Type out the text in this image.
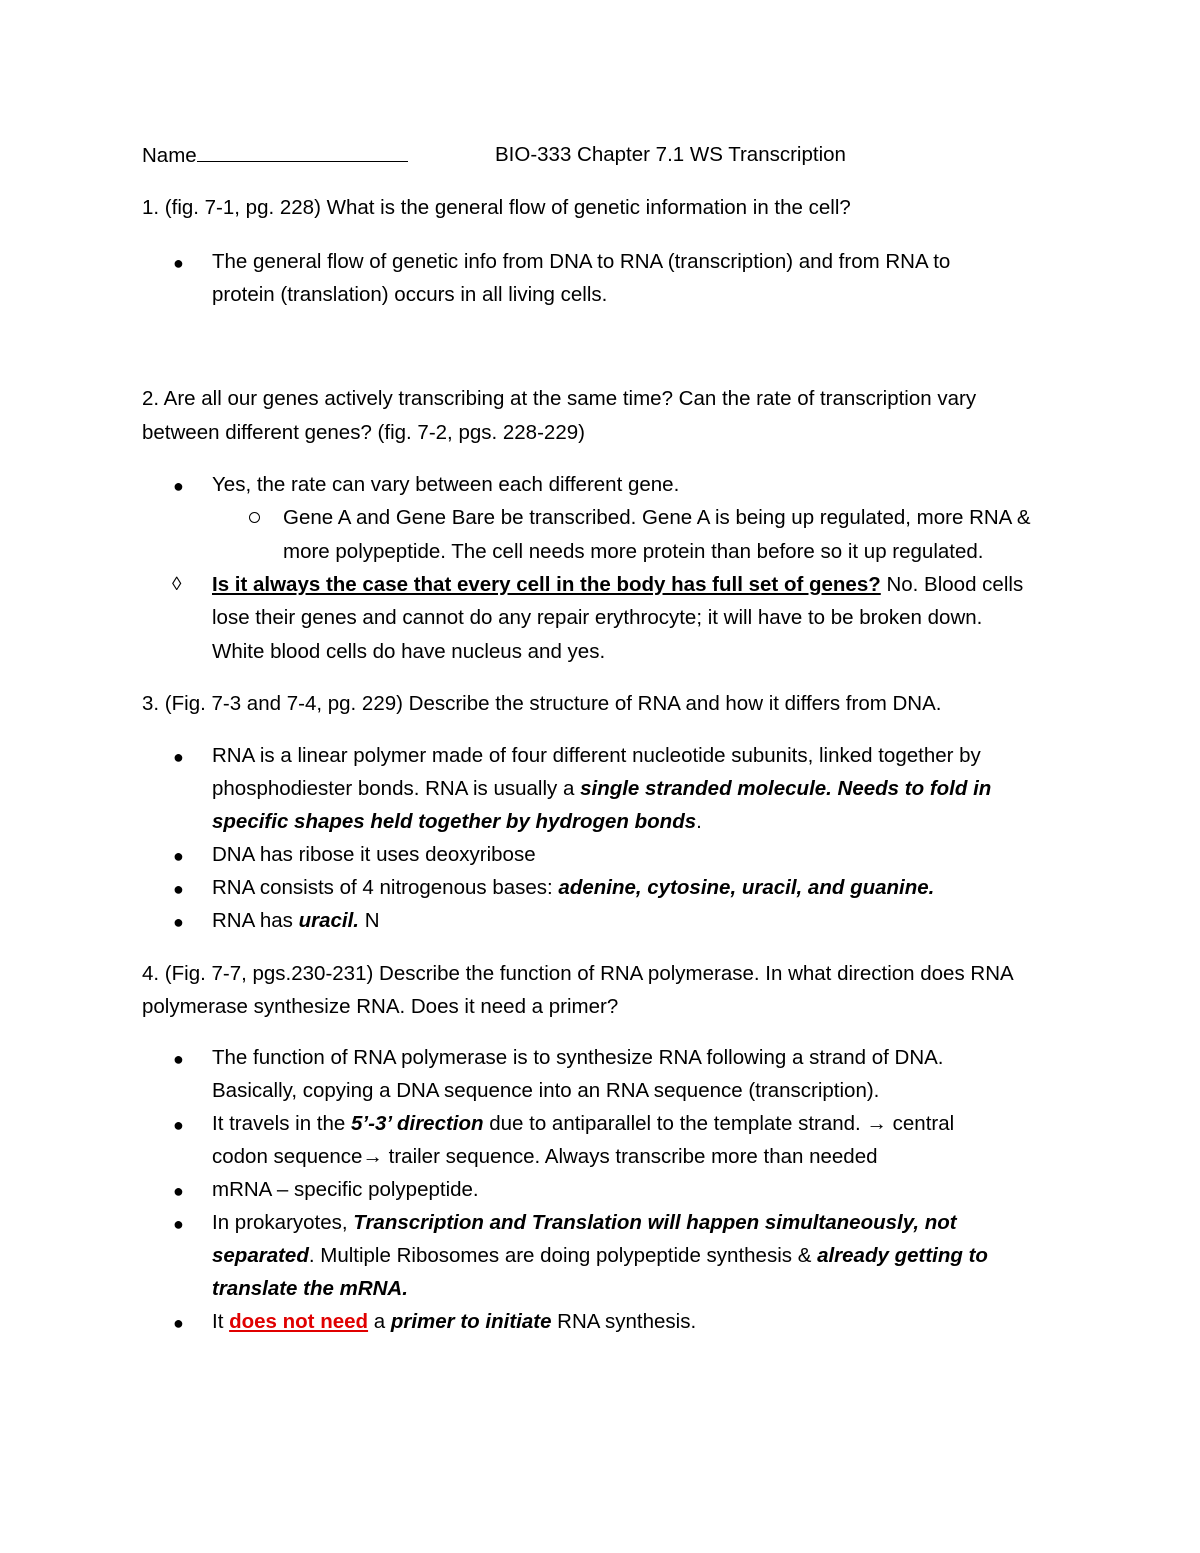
Name	BIO-333 Chapter 7.1 WS Transcription
1. (fig. 7-1, pg. 228) What is the general flow of genetic information in the cell?
● The general flow of genetic info from DNA to RNA (transcription) and from RNA to
protein (translation) occurs in all living cells.
2. Are all our genes actively transcribing at the same time? Can the rate of transcription vary
between different genes? (fig. 7-2, pgs. 228-229)
● Yes, the rate can vary between each different gene.
Gene A and Gene Bare be transcribed. Gene A is being up regulated, more RNA &
more polypeptide. The cell needs more protein than before so it up regulated.
◊ Is it always the case that every cell in the body has full set of genes? No. Blood cells
lose their genes and cannot do any repair erythrocyte; it will have to be broken down.
White blood cells do have nucleus and yes.
3. (Fig. 7-3 and 7-4, pg. 229) Describe the structure of RNA and how it differs from DNA.
● RNA is a linear polymer made of four different nucleotide subunits, linked together by
phosphodiester bonds. RNA is usually a single stranded molecule. Needs to fold in
specific shapes held together by hydrogen bonds.
● DNA has ribose it uses deoxyribose
● RNA consists of 4 nitrogenous bases: adenine, cytosine, uracil, and guanine.
● RNA has uracil. N
4. (Fig. 7-7, pgs.230-231) Describe the function of RNA polymerase. In what direction does RNA
polymerase synthesize RNA. Does it need a primer?
● The function of RNA polymerase is to synthesize RNA following a strand of DNA.
Basically, copying a DNA sequence into an RNA sequence (transcription).
● It travels in the 5’-3’ direction due to antiparallel to the template strand. → central
codon sequence→ trailer sequence. Always transcribe more than needed
● mRNA – specific polypeptide.
● In prokaryotes, Transcription and Translation will happen simultaneously, not
separated. Multiple Ribosomes are doing polypeptide synthesis & already getting to
translate the mRNA.
● It does not need a primer to initiate RNA synthesis.
